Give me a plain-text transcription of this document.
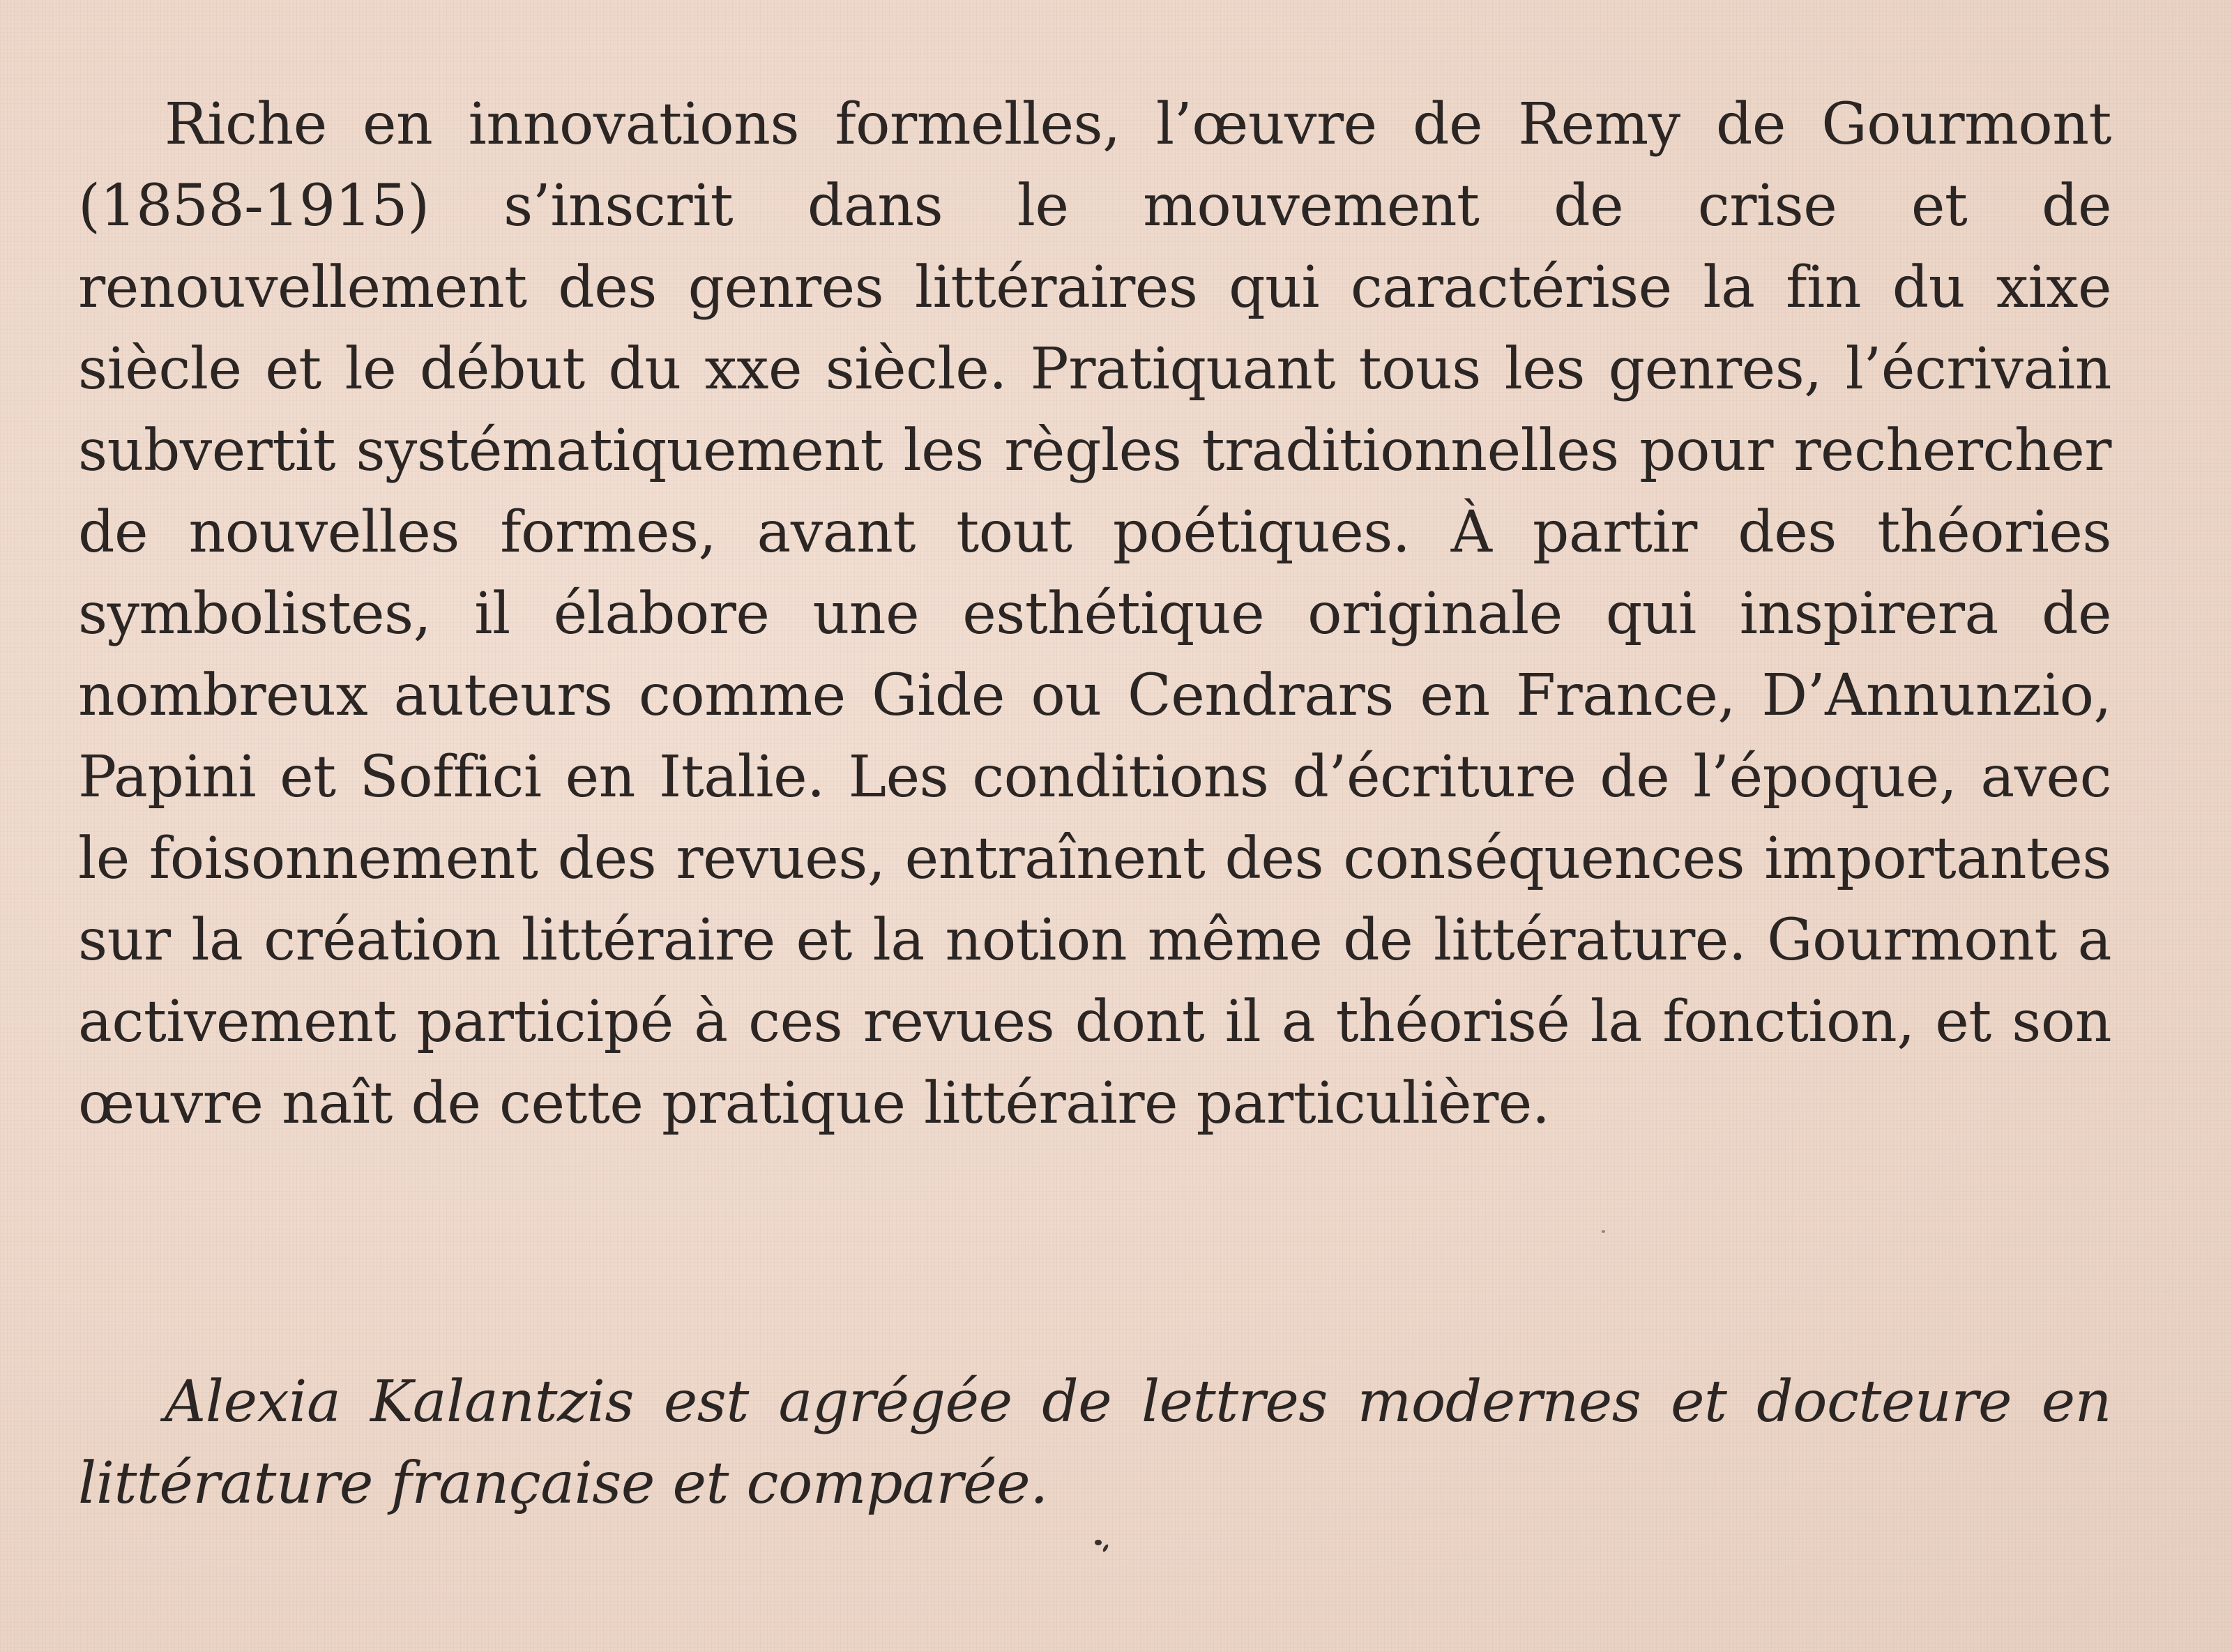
Riche en innovations formelles, l’œuvre de Remy de Gourmont (1858-1915) s’inscrit dans le mouvement de crise et de renouvellement des genres littéraires qui caractérise la fin du xixe siècle et le début du xxe siècle. Pratiquant tous les genres, l’écrivain subvertit systématiquement les règles traditionnelles pour rechercher de nouvelles formes, avant tout poétiques. À partir des théories symbolistes, il élabore une esthétique originale qui inspirera de nombreux auteurs comme Gide ou Cendrars en France, D’Annunzio, Papini et Soffici en Italie. Les conditions d’écriture de l’époque, avec le foisonnement des revues, entraînent des conséquences importantes sur la création littéraire et la notion même de littérature. Gourmont a activement participé à ces revues dont il a théorisé la fonction, et son œuvre naît de cette pratique littéraire particulière.

Alexia Kalantzis est agrégée de lettres modernes et docteure en littérature française et comparée.
